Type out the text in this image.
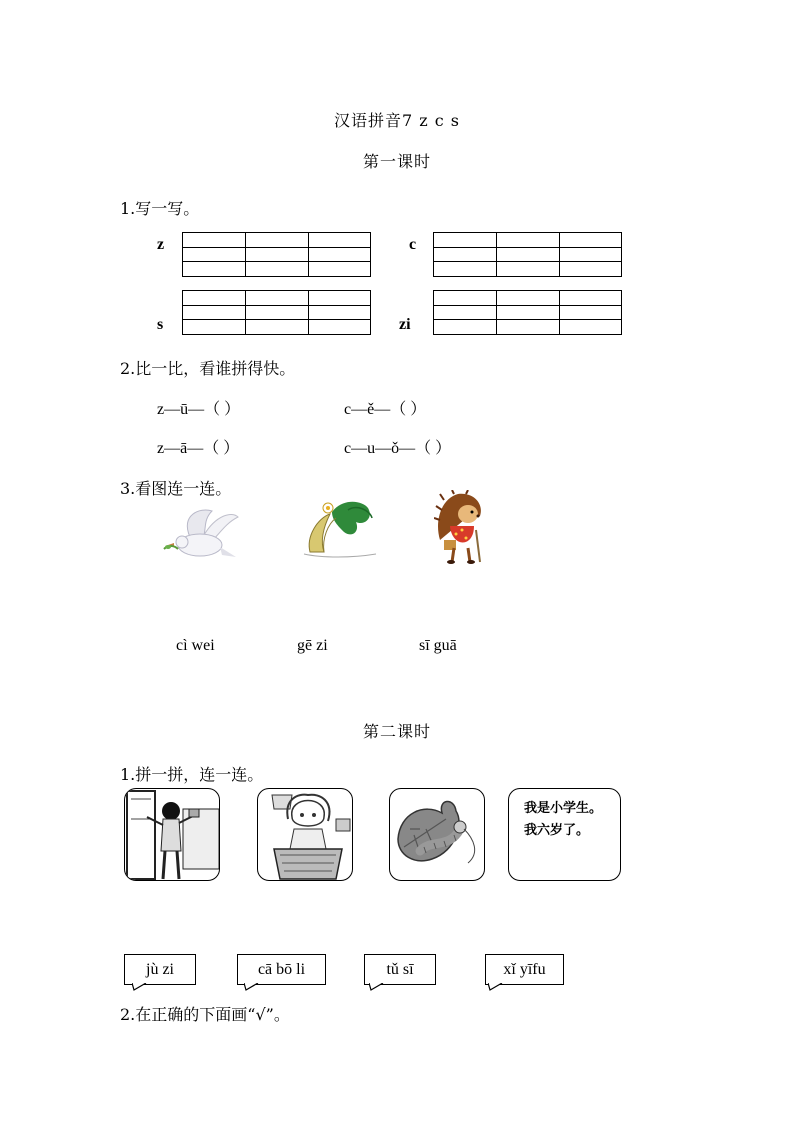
汉语拼音7 z c s
第一课时
1.写一写。
z	c
s	zi
2.比一比，看谁拼得快。
z—ū—（ ）	c—ě—（ ）
z—ā—（ ）	c—u—ǒ—（ ）
3.看图连一连。
cì wei	gē zi	sī guā
第二课时
1.拼一拼，连一连。
我是小学生。
我六岁了。
jù zi	cā bō li	tǔ sī	xǐ yīfu
2.在正确的下面画“√”。
